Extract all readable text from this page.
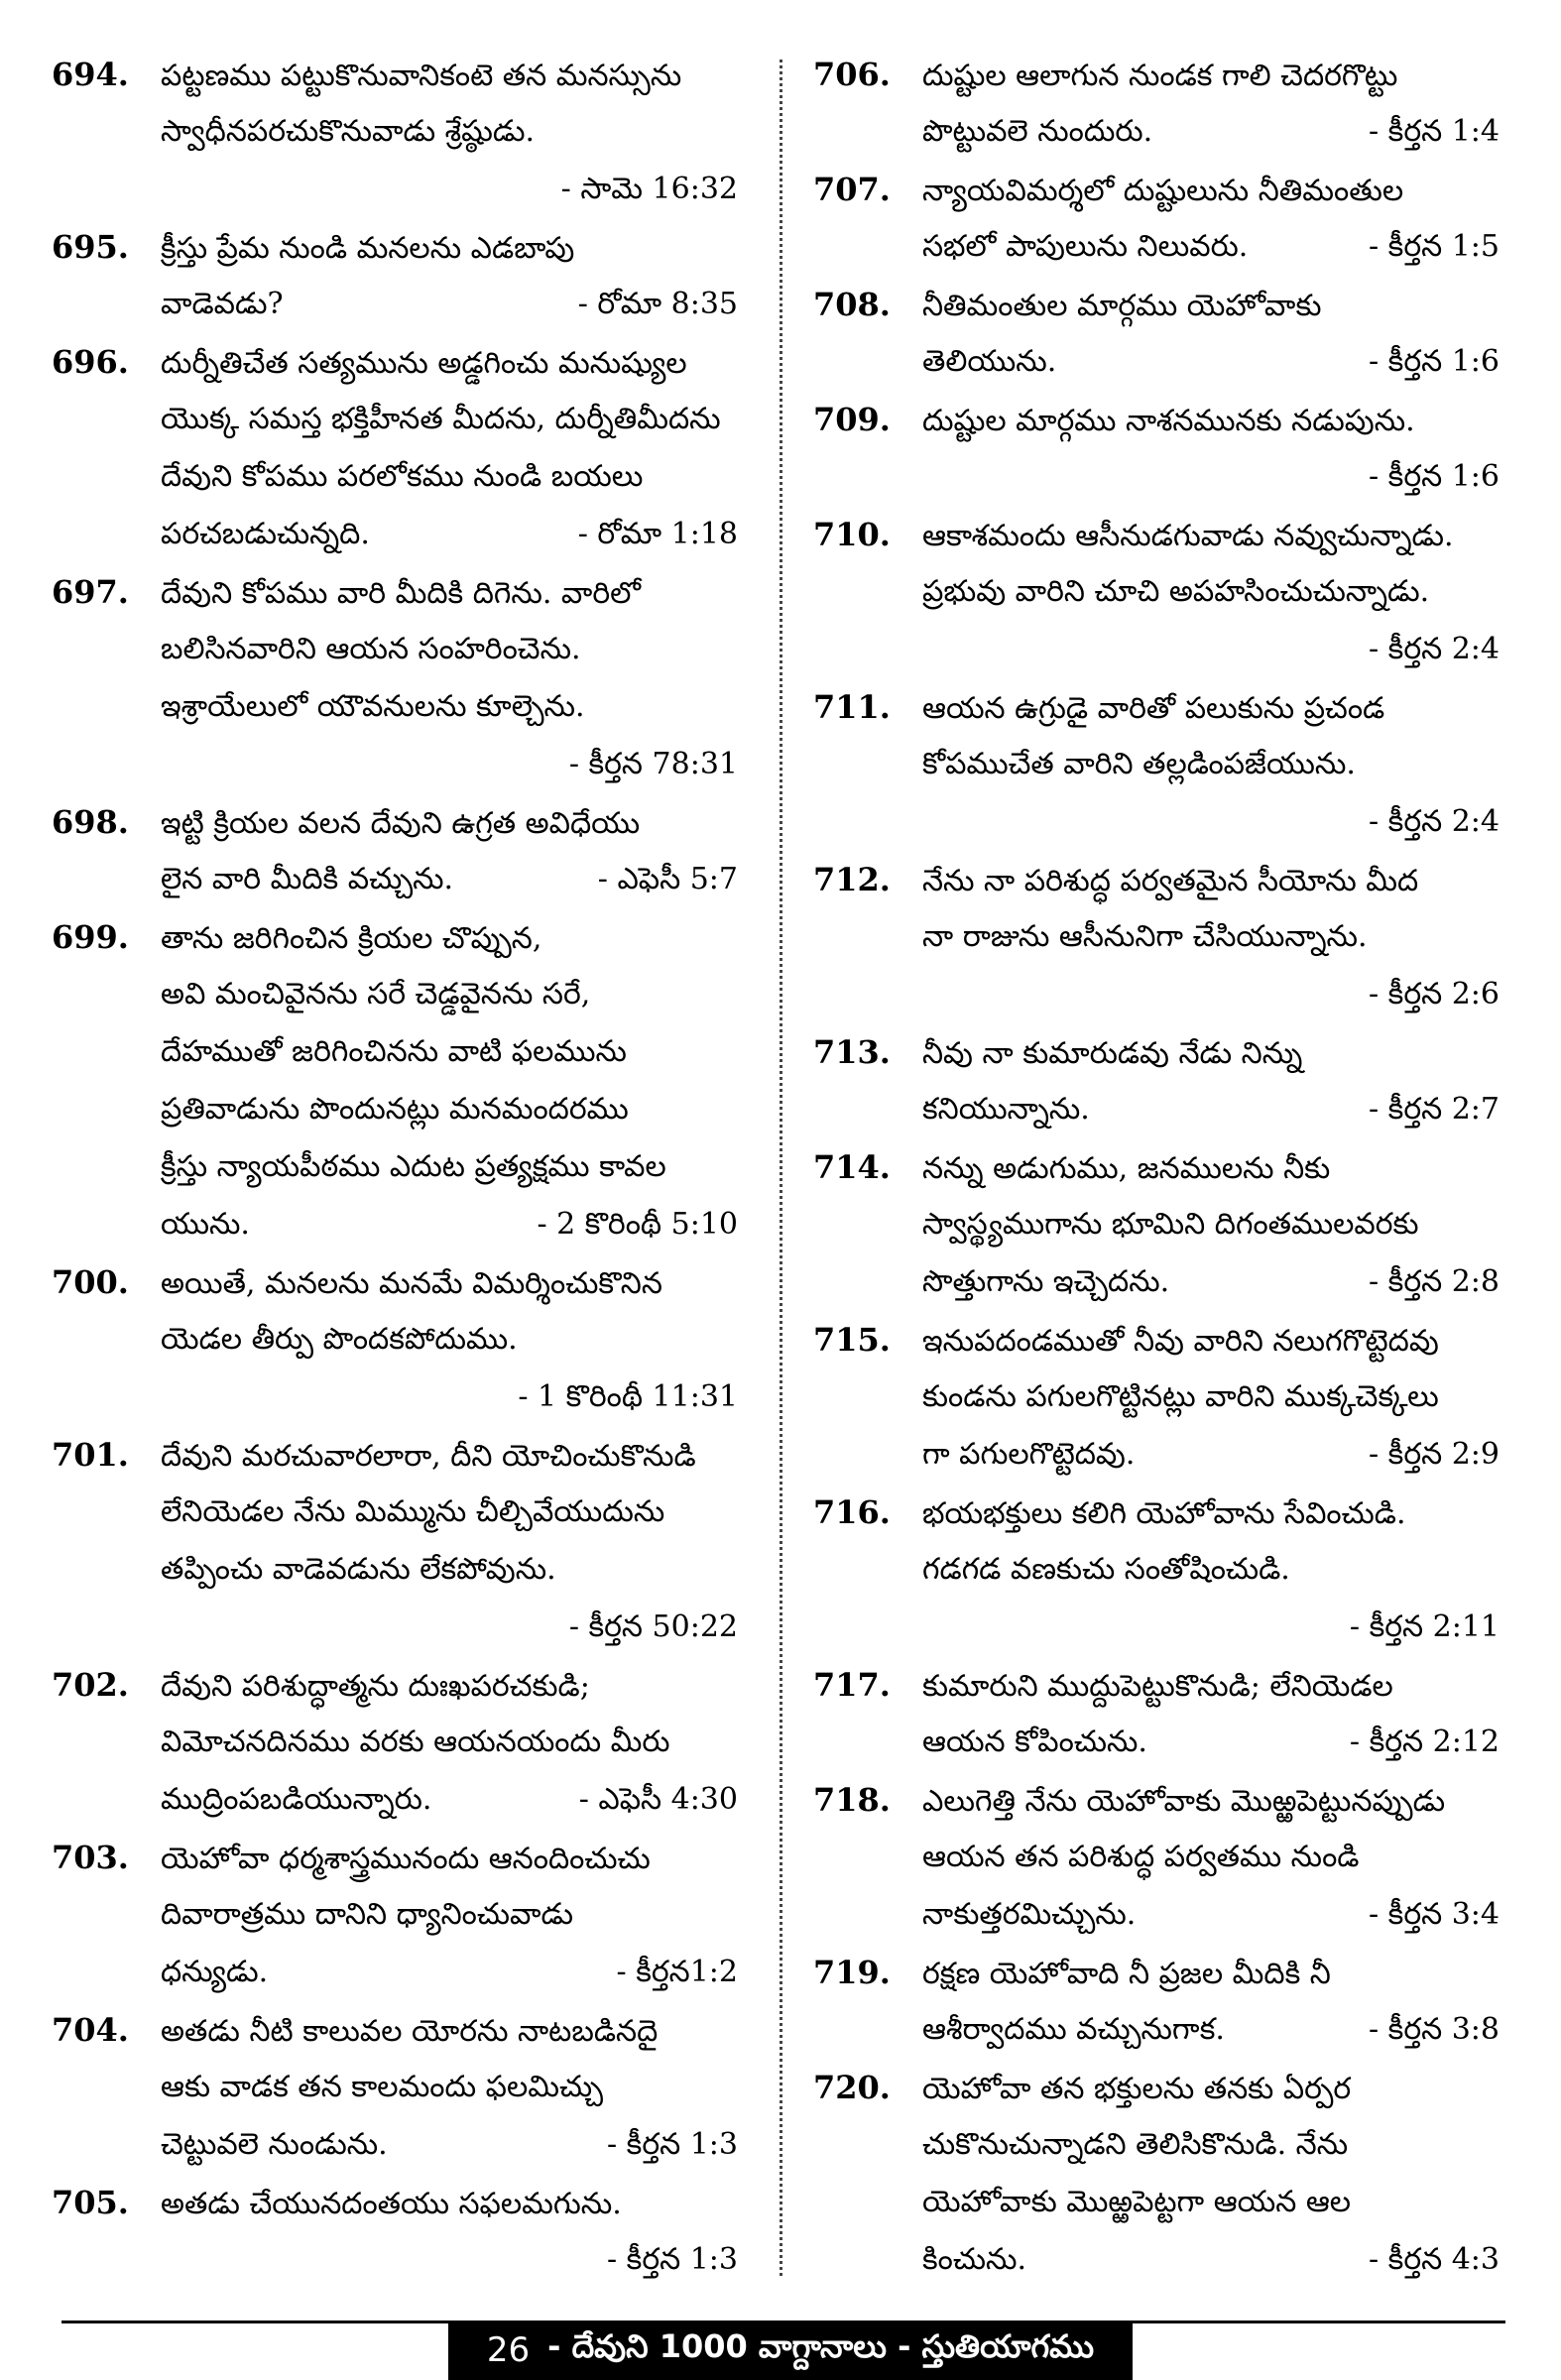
694. పట్టణము పట్టుకొనువానికంటె తన మనస్సును
స్వాధీనపరచుకొనువాడు శ్రేష్ఠుడు.
- సామె 16:32
695. క్రీస్తు ప్రేమ నుండి మనలను ఎడబాపు
వాడెవడు?	- రోమా 8:35
696. దుర్నీతిచేత సత్యమును అడ్డగించు మనుష్యుల
యొక్క సమస్త భక్తిహీనత మీదను, దుర్నీతిమీదను
దేవుని కోపము పరలోకము నుండి బయలు
పరచబడుచున్నది.	- రోమా 1:18
697. దేవుని కోపము వారి మీదికి దిగెను. వారిలో
బలిసినవారిని ఆయన సంహరించెను.
ఇశ్రాయేలులో యౌవనులను కూల్చెను.
- కీర్తన 78:31
698. ఇట్టి క్రియల వలన దేవుని ఉగ్రత అవిధేయు
లైన వారి మీదికి వచ్చును.	- ఎఫెసీ 5:7
699. తాను జరిగించిన క్రియల చొప్పున,
అవి మంచివైనను సరే చెడ్డవైనను సరే,
దేహముతో జరిగించినను వాటి ఫలమును
ప్రతివాడును పొందునట్లు మనమందరము
క్రీస్తు న్యాయపీఠము ఎదుట ప్రత్యక్షము కావల
యును.	- 2 కొరింథీ 5:10
700. అయితే, మనలను మనమే విమర్శించుకొనిన
యెడల తీర్పు పొందకపోదుము.
- 1 కొరింథీ 11:31
701. దేవుని మరచువారలారా, దీని యోచించుకొనుడి
లేనియెడల నేను మిమ్మును చీల్చివేయుదును
తప్పించు వాడెవడును లేకపోవును.
- కీర్తన 50:22
702. దేవుని పరిశుద్ధాత్మను దుఃఖపరచకుడి;
విమోచనదినము వరకు ఆయనయందు మీరు
ముద్రింపబడియున్నారు.	- ఎఫెసీ 4:30
703. యెహోవా ధర్మశాస్త్రమునందు ఆనందించుచు
దివారాత్రము దానిని ధ్యానించువాడు
ధన్యుడు.	- కీర్తన1:2
704. అతడు నీటి కాలువల యోరను నాటబడినదై
ఆకు వాడక తన కాలమందు ఫలమిచ్చు
చెట్టువలె నుండును.	- కీర్తన 1:3
705. అతడు చేయునదంతయు సఫలమగును.
- కీర్తన 1:3
706. దుష్టుల ఆలాగున నుండక గాలి చెదరగొట్టు
పొట్టువలె నుందురు.	- కీర్తన 1:4
707. న్యాయవిమర్శలో దుష్టులును నీతిమంతుల
సభలో పాపులును నిలువరు.	- కీర్తన 1:5
708. నీతిమంతుల మార్గము యెహోవాకు
తెలియును.	- కీర్తన 1:6
709. దుష్టుల మార్గము నాశనమునకు నడుపును.
- కీర్తన 1:6
710. ఆకాశమందు ఆసీనుడగువాడు నవ్వుచున్నాడు.
ప్రభువు వారిని చూచి అపహసించుచున్నాడు.
- కీర్తన 2:4
711. ఆయన ఉగ్రుడై వారితో పలుకును ప్రచండ
కోపముచేత వారిని తల్లడింపజేయును.
- కీర్తన 2:4
712. నేను నా పరిశుద్ధ పర్వతమైన సీయోను మీద
నా రాజును ఆసీనునిగా చేసియున్నాను.
- కీర్తన 2:6
713. నీవు నా కుమారుడవు నేడు నిన్ను
కనియున్నాను.	- కీర్తన 2:7
714. నన్ను అడుగుము, జనములను నీకు
స్వాస్థ్యముగాను భూమిని దిగంతములవరకు
సొత్తుగాను ఇచ్చెదను.	- కీర్తన 2:8
715. ఇనుపదండముతో నీవు వారిని నలుగగొట్టెదవు
కుండను పగులగొట్టినట్లు వారిని ముక్కచెక్కలు
గా పగులగొట్టెదవు.	- కీర్తన 2:9
716. భయభక్తులు కలిగి యెహోవాను సేవించుడి.
గడగడ వణకుచు సంతోషించుడి.
- కీర్తన 2:11
717. కుమారుని ముద్దుపెట్టుకొనుడి; లేనియెడల
ఆయన కోపించును.	- కీర్తన 2:12
718. ఎలుగెత్తి నేను యెహోవాకు మొఱ్ఱపెట్టునప్పుడు
ఆయన తన పరిశుద్ధ పర్వతము నుండి
నాకుత్తరమిచ్చును.	- కీర్తన 3:4
719. రక్షణ యెహోవాది నీ ప్రజల మీదికి నీ
ఆశీర్వాదము వచ్చునుగాక.	- కీర్తన 3:8
720. యెహోవా తన భక్తులను తనకు ఏర్పర
చుకొనుచున్నాడని తెలిసికొనుడి. నేను
యెహోవాకు మొఱ్ఱపెట్టగా ఆయన ఆల
కించును.	- కీర్తన 4:3
26 - దేవుని 1000 వాగ్దానాలు - స్తుతియాగము
